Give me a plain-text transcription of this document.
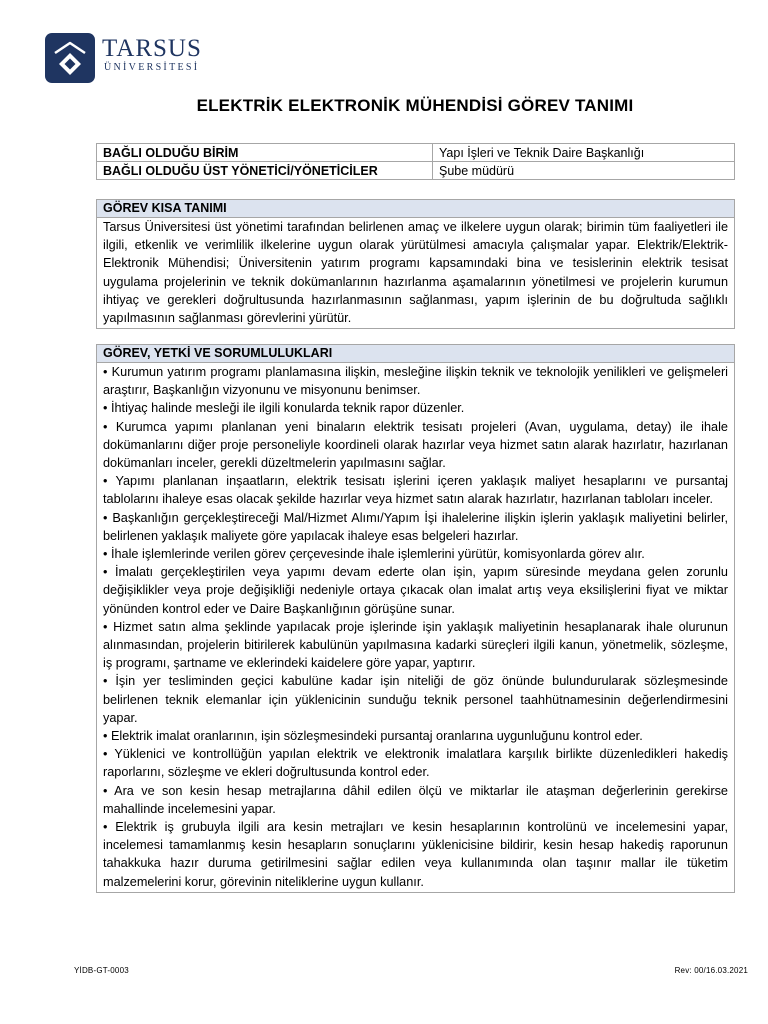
TARSUS
ÜNİVERSİTESİ
ELEKTRİK ELEKTRONİK MÜHENDİSİ GÖREV TANIMI
BAĞLI OLDUĞU BİRİM	Yapı İşleri ve Teknik Daire Başkanlığı
BAĞLI OLDUĞU ÜST YÖNETİCİ/YÖNETİCİLER	Şube müdürü
GÖREV KISA TANIMI
Tarsus Üniversitesi üst yönetimi tarafından belirlenen amaç ve ilkelere uygun olarak; birimin tüm faaliyetleri ile ilgili, etkenlik ve verimlilik ilkelerine uygun olarak yürütülmesi amacıyla çalışmalar yapar. Elektrik/Elektrik-Elektronik Mühendisi; Üniversitenin yatırım programı kapsamındaki bina ve tesislerinin elektrik tesisat uygulama projelerinin ve teknik dokümanlarının hazırlanma aşamalarının yönetilmesi ve projelerin kurumun ihtiyaç ve gerekleri doğrultusunda hazırlanmasının sağlanması, yapım işlerinin de bu doğrultuda sağlıklı yapılmasının sağlanması görevlerini yürütür.
GÖREV, YETKİ VE SORUMLULUKLARI

• Kurumun yatırım programı planlamasına ilişkin, mesleğine ilişkin teknik ve teknolojik yenilikleri ve gelişmeleri araştırır, Başkanlığın vizyonunu ve misyonunu benimser.

• İhtiyaç halinde mesleği ile ilgili konularda teknik rapor düzenler.

• Kurumca yapımı planlanan yeni binaların elektrik tesisatı projeleri (Avan, uygulama, detay) ile ihale dokümanlarını diğer proje personeliyle koordineli olarak hazırlar veya hizmet satın alarak hazırlatır, hazırlanan dokümanları inceler, gerekli düzeltmelerin yapılmasını sağlar.

• Yapımı planlanan inşaatların, elektrik tesisatı işlerini içeren yaklaşık maliyet hesaplarını ve pursantaj tablolarını ihaleye esas olacak şekilde hazırlar veya hizmet satın alarak hazırlatır, hazırlanan tabloları inceler.

• Başkanlığın gerçekleştireceği Mal/Hizmet Alımı/Yapım İşi ihalelerine ilişkin işlerin yaklaşık maliyetini belirler, belirlenen yaklaşık maliyete göre yapılacak ihaleye esas belgeleri hazırlar.

• İhale işlemlerinde verilen görev çerçevesinde ihale işlemlerini yürütür, komisyonlarda görev alır.

• İmalatı gerçekleştirilen veya yapımı devam ederte olan işin, yapım süresinde meydana gelen zorunlu değişiklikler veya proje değişikliği nedeniyle ortaya çıkacak olan imalat artış veya eksilişlerini fiyat ve miktar yönünden kontrol eder ve Daire Başkanlığının görüşüne sunar.

• Hizmet satın alma şeklinde yapılacak proje işlerinde işin yaklaşık maliyetinin hesaplanarak ihale olurunun alınmasından, projelerin bitirilerek kabulünün yapılmasına kadarki süreçleri ilgili kanun, yönetmelik, sözleşme, iş programı, şartname ve eklerindeki kaidelere göre yapar, yaptırır.

• İşin yer tesliminden geçici kabulüne kadar işin niteliği de göz önünde bulundurularak sözleşmesinde belirlenen teknik elemanlar için yüklenicinin sunduğu teknik personel taahhütnamesinin değerlendirmesini yapar.

• Elektrik imalat oranlarının, işin sözleşmesindeki pursantaj oranlarına uygunluğunu kontrol eder.

• Yüklenici ve kontrollüğün yapılan elektrik ve elektronik imalatlara karşılık birlikte düzenledikleri hakediş raporlarını, sözleşme ve ekleri doğrultusunda kontrol eder.

• Ara ve son kesin hesap metrajlarına dâhil edilen ölçü ve miktarlar ile ataşman değerlerinin gerekirse mahallinde incelemesini yapar.

• Elektrik iş grubuyla ilgili ara kesin metrajları ve kesin hesaplarının kontrolünü ve incelemesini yapar, incelemesi tamamlanmış kesin hesapların sonuçlarını yüklenicisine bildirir, kesin hesap hakediş raporunun tahakkuka hazır duruma getirilmesini sağlar edilen veya kullanımında olan taşınır mallar ile tüketim malzemelerini korur, görevinin niteliklerine uygun kullanır.

YİDB-GT-0003	Rev: 00/16.03.2021
